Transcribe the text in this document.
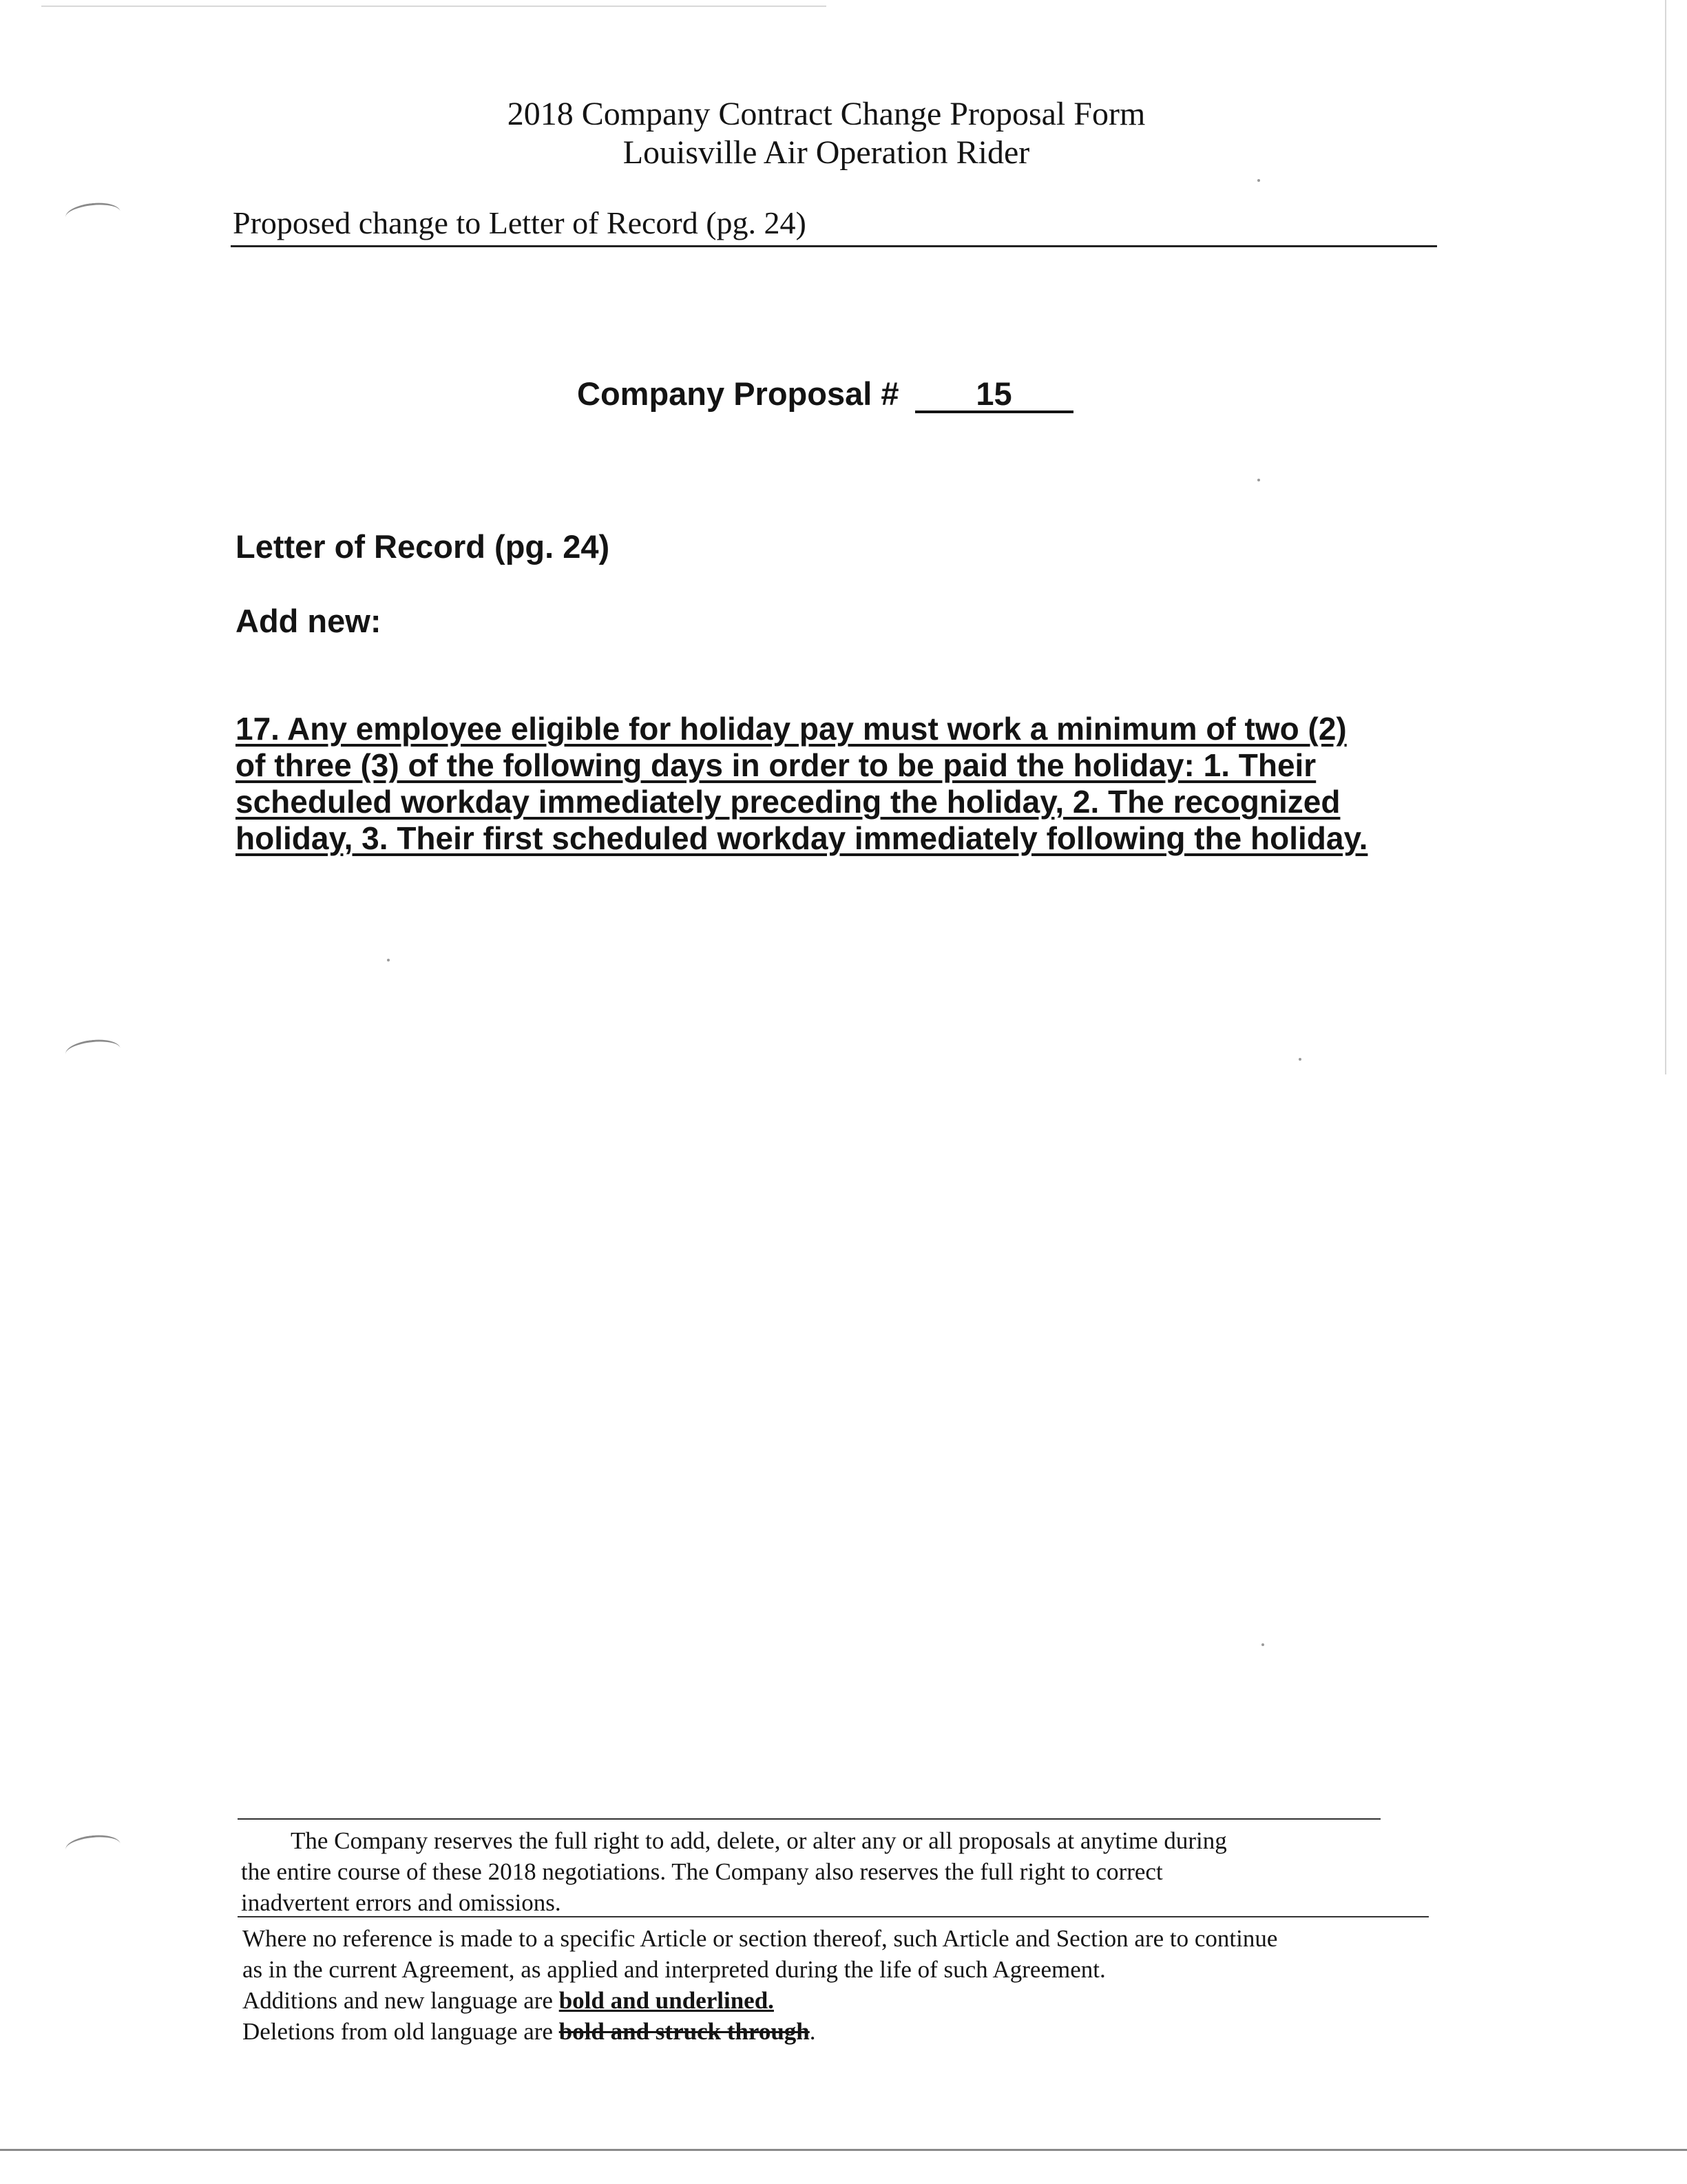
2018 Company Contract Change Proposal Form
Louisville Air Operation Rider
Proposed change to Letter of Record (pg. 24)
Company Proposal # 15
Letter of Record (pg. 24)
Add new:
17. Any employee eligible for holiday pay must work a minimum of two (2)
of three (3) of the following days in order to be paid the holiday: 1. Their
scheduled workday immediately preceding the holiday, 2. The recognized
holiday, 3. Their first scheduled workday immediately following the holiday.
The Company reserves the full right to add, delete, or alter any or all proposals at anytime during
the entire course of these 2018 negotiations. The Company also reserves the full right to correct
inadvertent errors and omissions.
Where no reference is made to a specific Article or section thereof, such Article and Section are to continue
as in the current Agreement, as applied and interpreted during the life of such Agreement.
Additions and new language are bold and underlined.
Deletions from old language are bold and struck through.
